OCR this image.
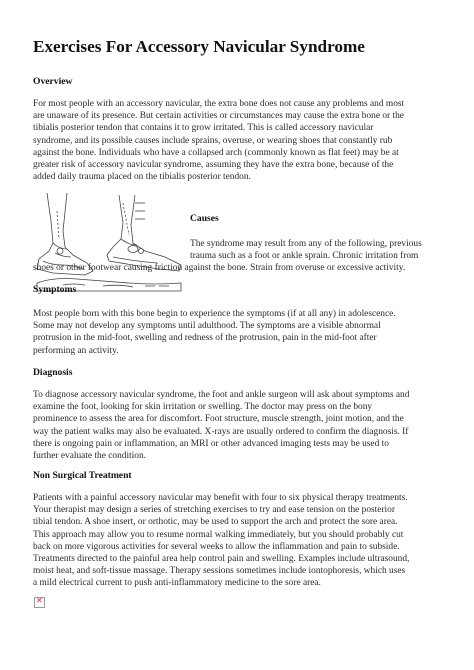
Exercises For Accessory Navicular Syndrome
Overview

For most people with an accessory navicular, the extra bone does not cause any problems and most

are unaware of its presence. But certain activities or circumstances may cause the extra bone or the

tibialis posterior tendon that contains it to grow irritated. This is called accessory navicular

syndrome, and its possible causes include sprains, overuse, or wearing shoes that constantly rub

against the bone. Individuals who have a collapsed arch (commonly known as flat feet) may be at

greater risk of accessory navicular syndrome, assuming they have the extra bone, because of the

added daily trauma placed on the tibialis posterior tendon.

Causes

The syndrome may result from any of the following, previous

trauma such as a foot or ankle sprain. Chronic irritation from

shoes or other footwear causing friction against the bone. Strain from overuse or excessive activity.

Symptoms

Most people born with this bone begin to experience the symptoms (if at all any) in adolescence.

Some may not develop any symptoms until adulthood. The symptoms are a visible abnormal

protrusion in the mid-foot, swelling and redness of the protrusion, pain in the mid-foot after

performing an activity.

Diagnosis

To diagnose accessory navicular syndrome, the foot and ankle surgeon will ask about symptoms and

examine the foot, looking for skin irritation or swelling. The doctor may press on the bony

prominence to assess the area for discomfort. Foot structure, muscle strength, joint motion, and the

way the patient walks may also be evaluated. X-rays are usually ordered to confirm the diagnosis. If

there is ongoing pain or inflammation, an MRI or other advanced imaging tests may be used to

further evaluate the condition.

Non Surgical Treatment

Patients with a painful accessory navicular may benefit with four to six physical therapy treatments.

Your therapist may design a series of stretching exercises to try and ease tension on the posterior

tibial tendon. A shoe insert, or orthotic, may be used to support the arch and protect the sore area.

This approach may allow you to resume normal walking immediately, but you should probably cut

back on more vigorous activities for several weeks to allow the inflammation and pain to subside.

Treatments directed to the painful area help control pain and swelling. Examples include ultrasound,

moist heat, and soft-tissue massage. Therapy sessions sometimes include iontophoresis, which uses

a mild electrical current to push anti-inflammatory medicine to the sore area.

✕
